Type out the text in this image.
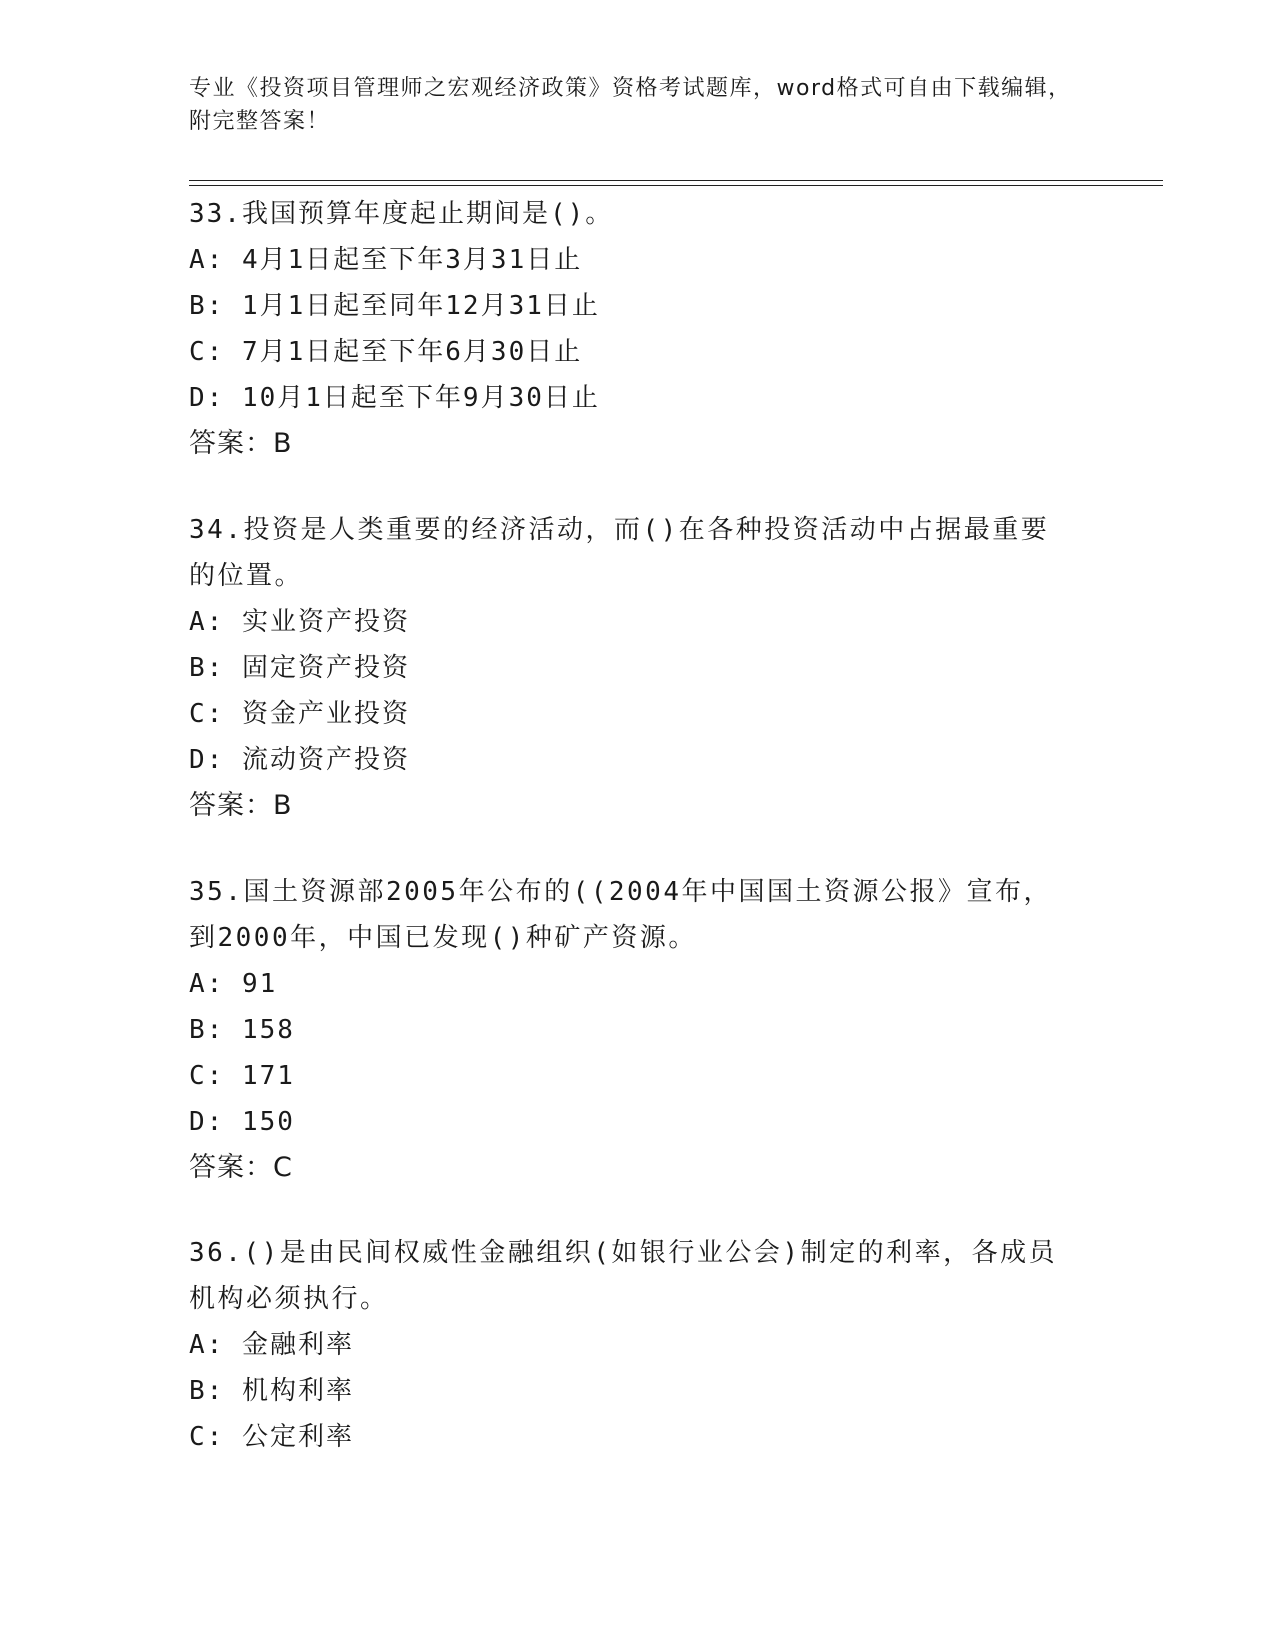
专业《投资项目管理师之宏观经济政策》资格考试题库，word格式可自由下载编辑，附完整答案！
33.我国预算年度起止期间是()。
A: 4月1日起至下年3月31日止
B: 1月1日起至同年12月31日止
C: 7月1日起至下年6月30日止
D: 10月1日起至下年9月30日止
答案：B
34.投资是人类重要的经济活动，而()在各种投资活动中占据最重要的位置。
A: 实业资产投资
B: 固定资产投资
C: 资金产业投资
D: 流动资产投资
答案：B
35.国土资源部2005年公布的((2004年中国国土资源公报》宣布，到2000年，中国已发现()种矿产资源。
A: 91
B: 158
C: 171
D: 150
答案：C
36.()是由民间权威性金融组织(如银行业公会)制定的利率，各成员机构必须执行。
A: 金融利率
B: 机构利率
C: 公定利率
